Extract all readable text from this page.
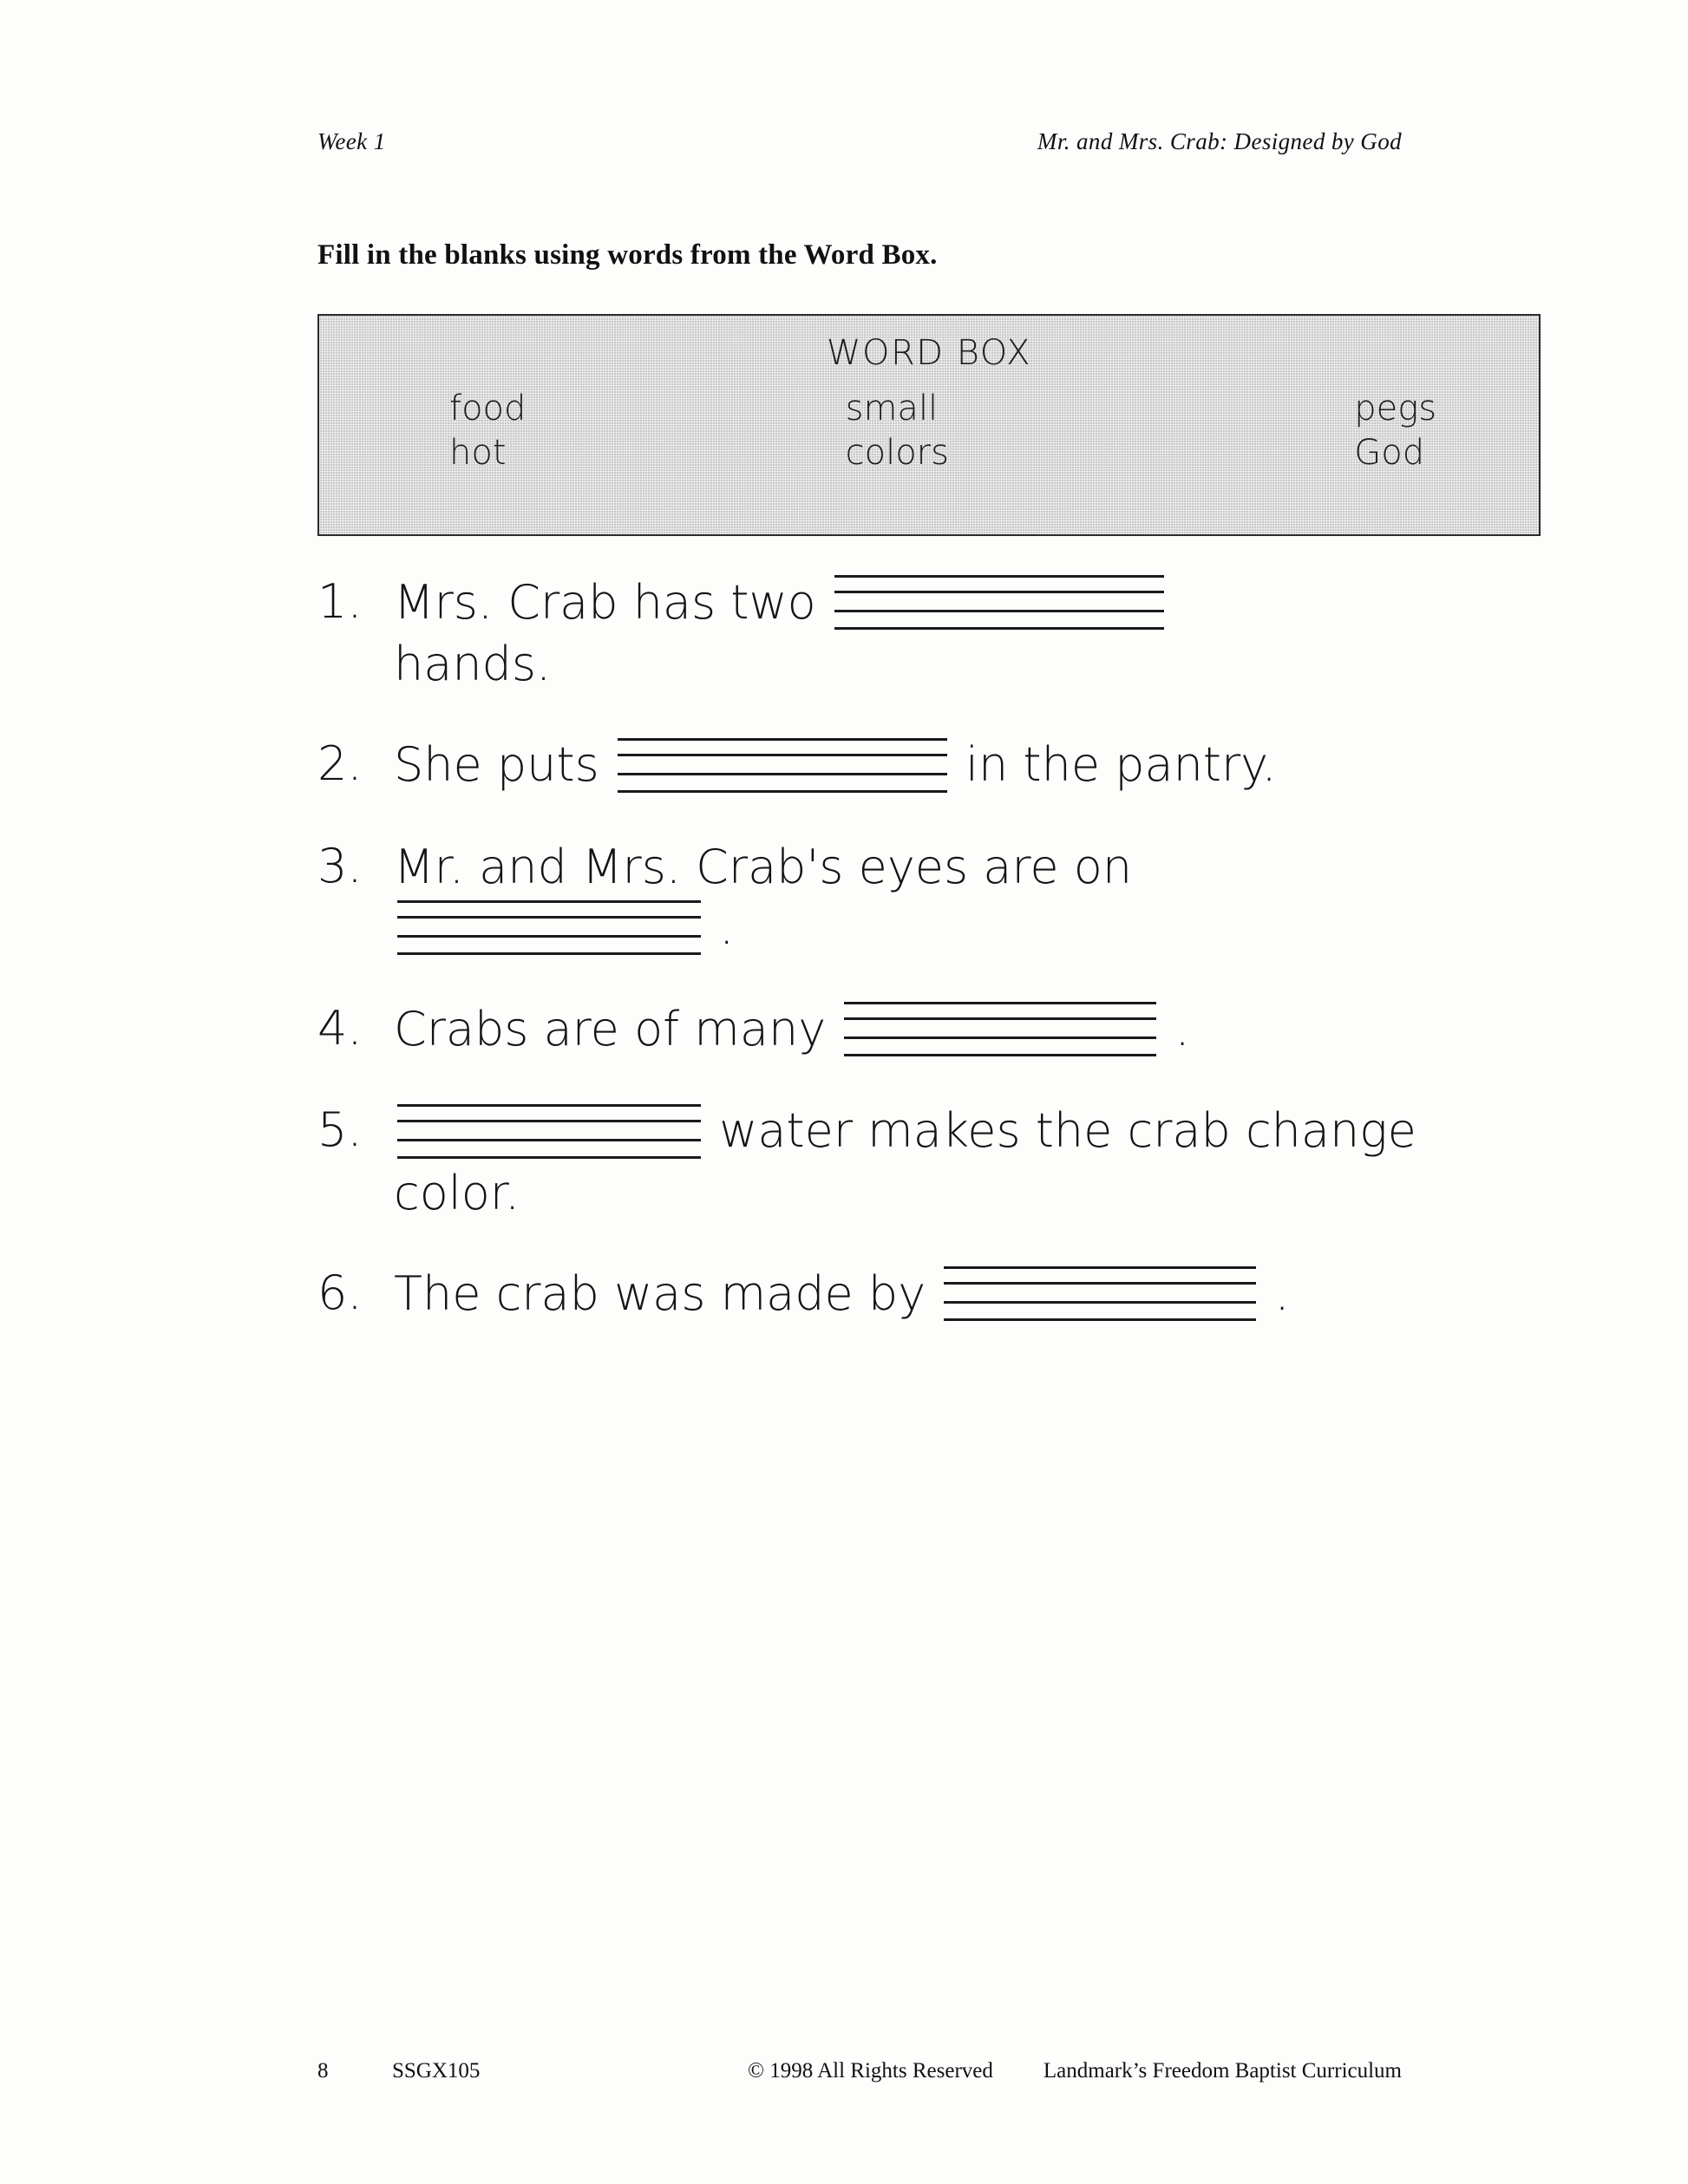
Week 1	Mr. and Mrs. Crab: Designed by God
Fill in the blanks using words from the Word Box.
WORD BOX
food	small	pegs
hot	colors	God
1. Mrs. Crab has two
hands.
2. She puts	in the pantry.
3. Mr. and Mrs. Crab's eyes are on
.
4. Crabs are of many	.
5.	water makes the crab change color.
6. The crab was made by	.
8	SSGX105	© 1998 All Rights Reserved	Landmark’s Freedom Baptist Curriculum
